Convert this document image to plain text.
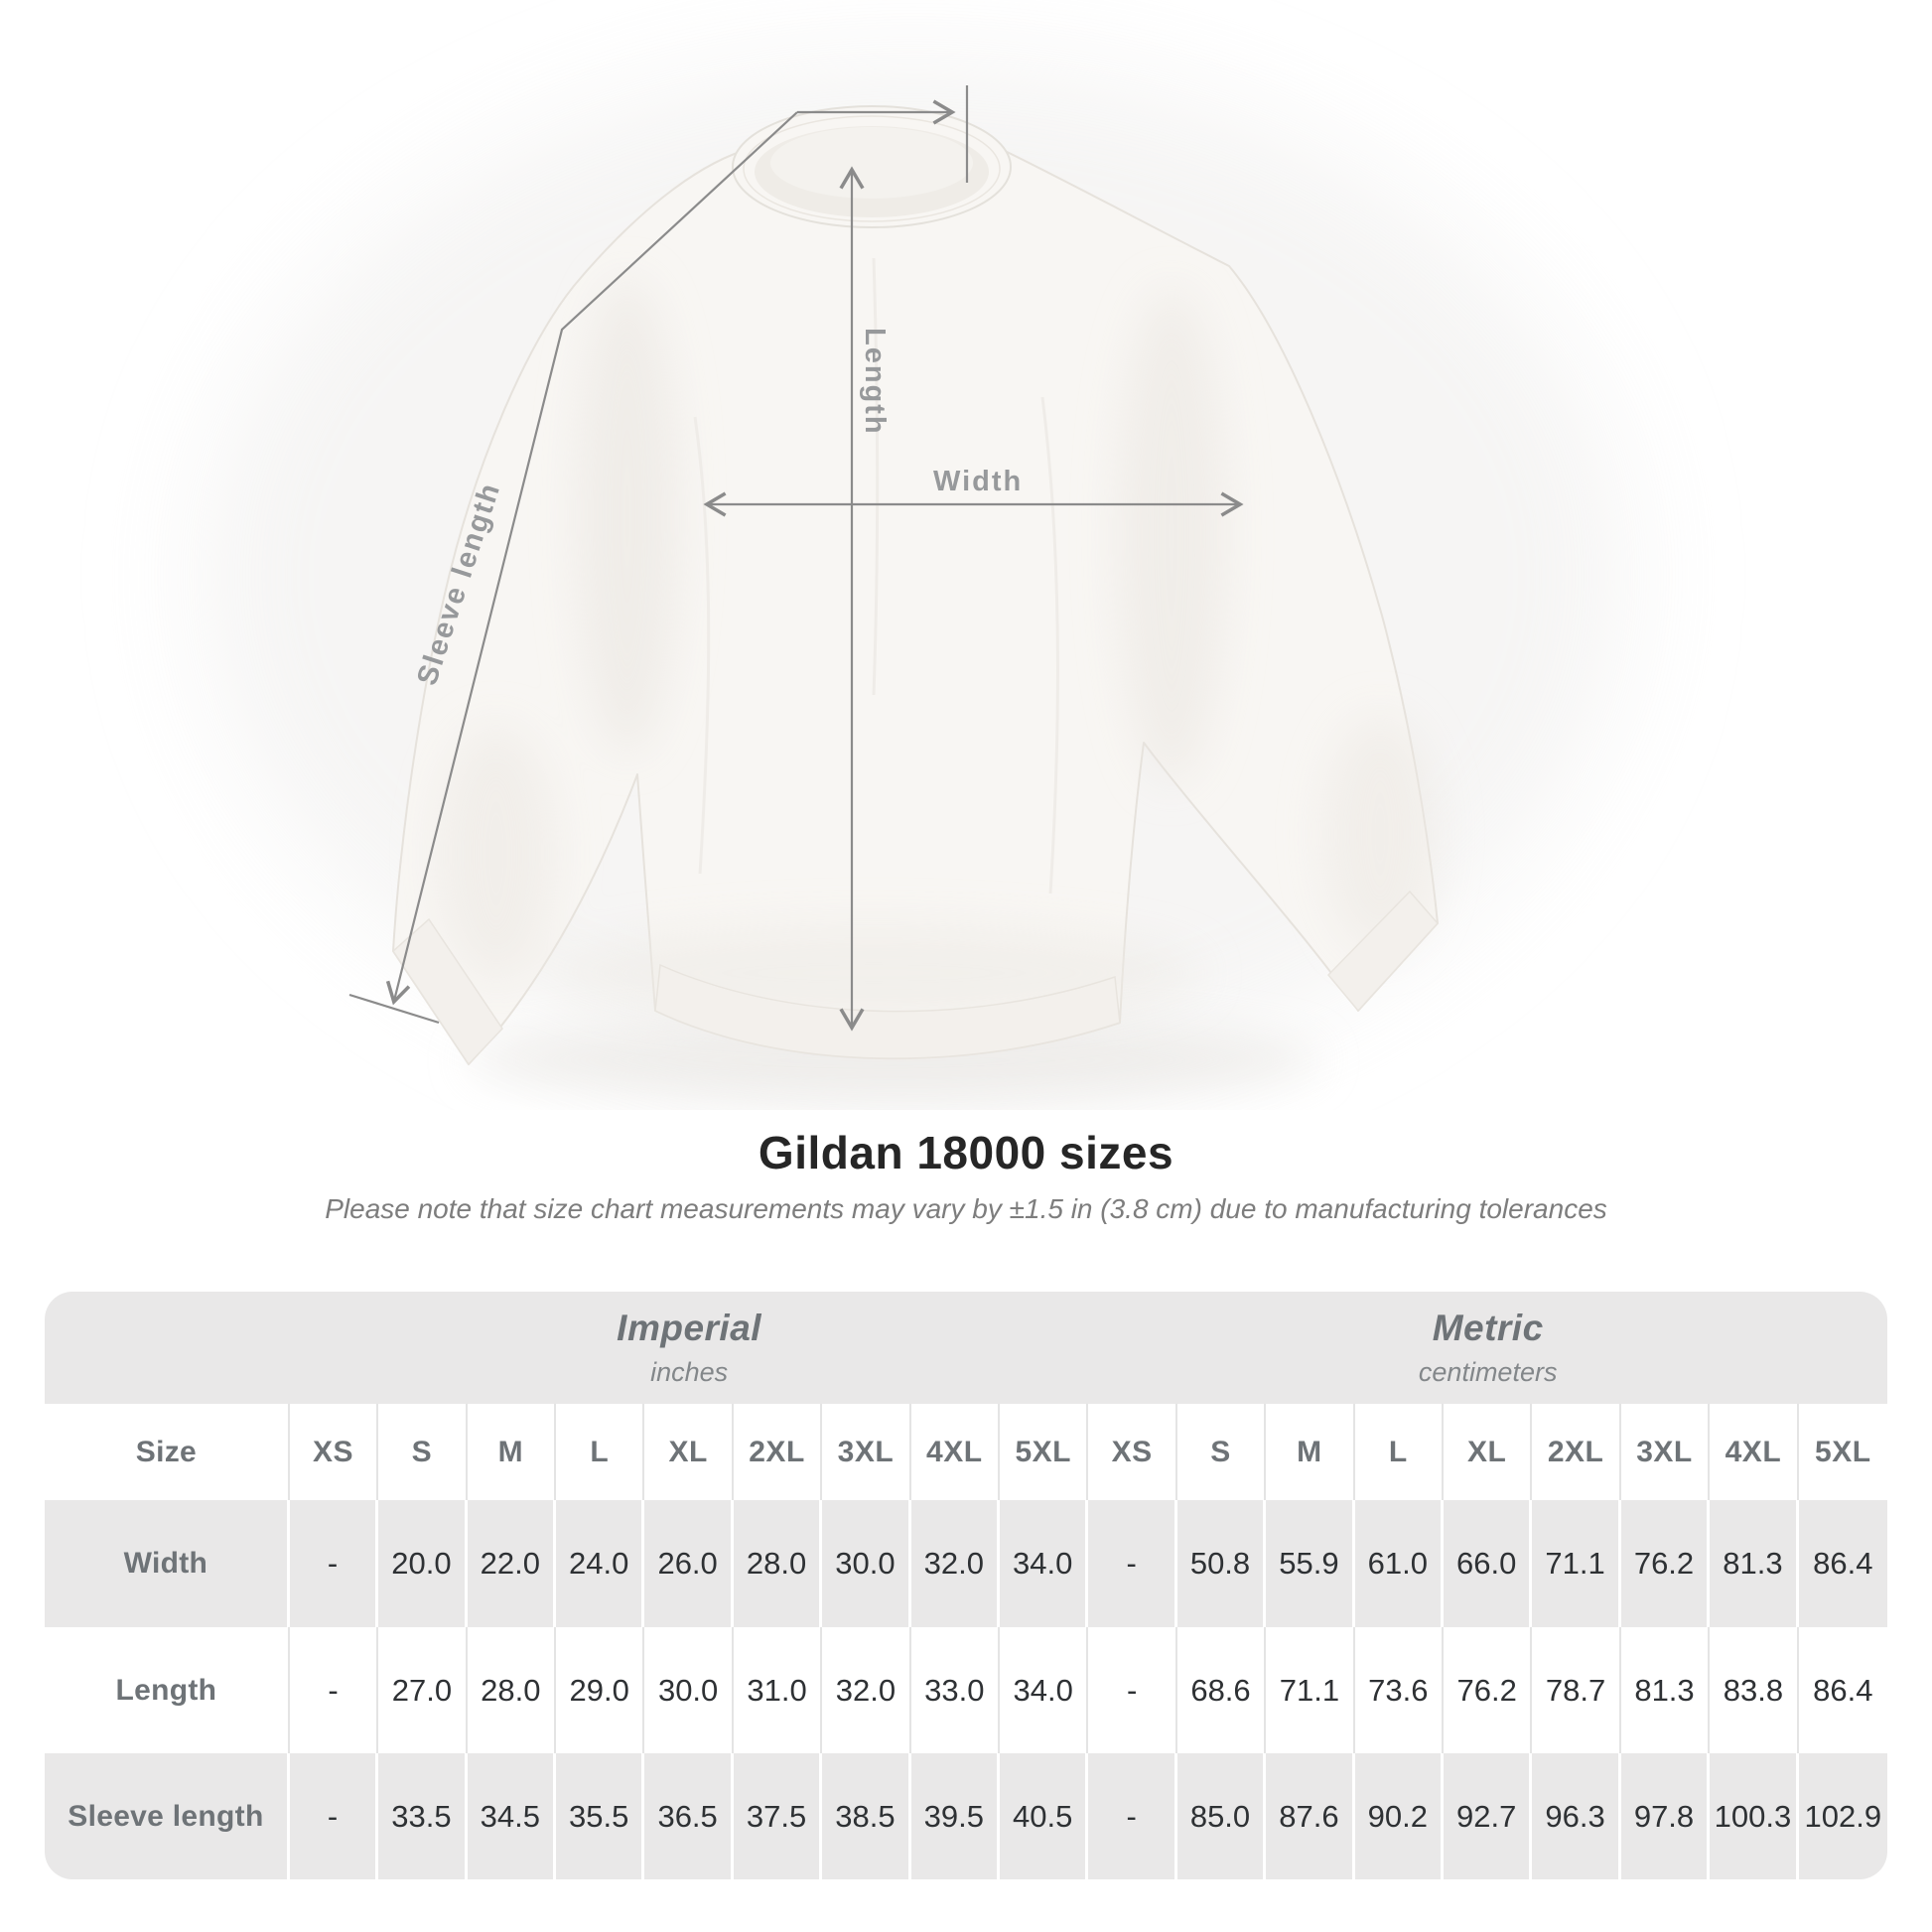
Length
Width
Sleeve length
Gildan 18000 sizes

Please note that size chart measurements may vary by ±1.5 in (3.8 cm) due to manufacturing tolerances

Imperial
inches
Metric
centimeters
Size	XS	S	M	L	XL	2XL	3XL	4XL	5XL	XS	S	M	L	XL	2XL	3XL	4XL	5XL
Width	-	20.0 22.0 24.0 26.0 28.0 30.0 32.0 34.0	-	50.8 55.9 61.0 66.0 71.1 76.2 81.3 86.4
Length	-	27.0 28.0 29.0 30.0 31.0 32.0 33.0 34.0	-	68.6 71.1 73.6 76.2 78.7 81.3 83.8 86.4
Sleeve length	-	33.5 34.5 35.5 36.5 37.5 38.5 39.5 40.5	-	85.0 87.6 90.2 92.7 96.3 97.8 100.3 102.9
